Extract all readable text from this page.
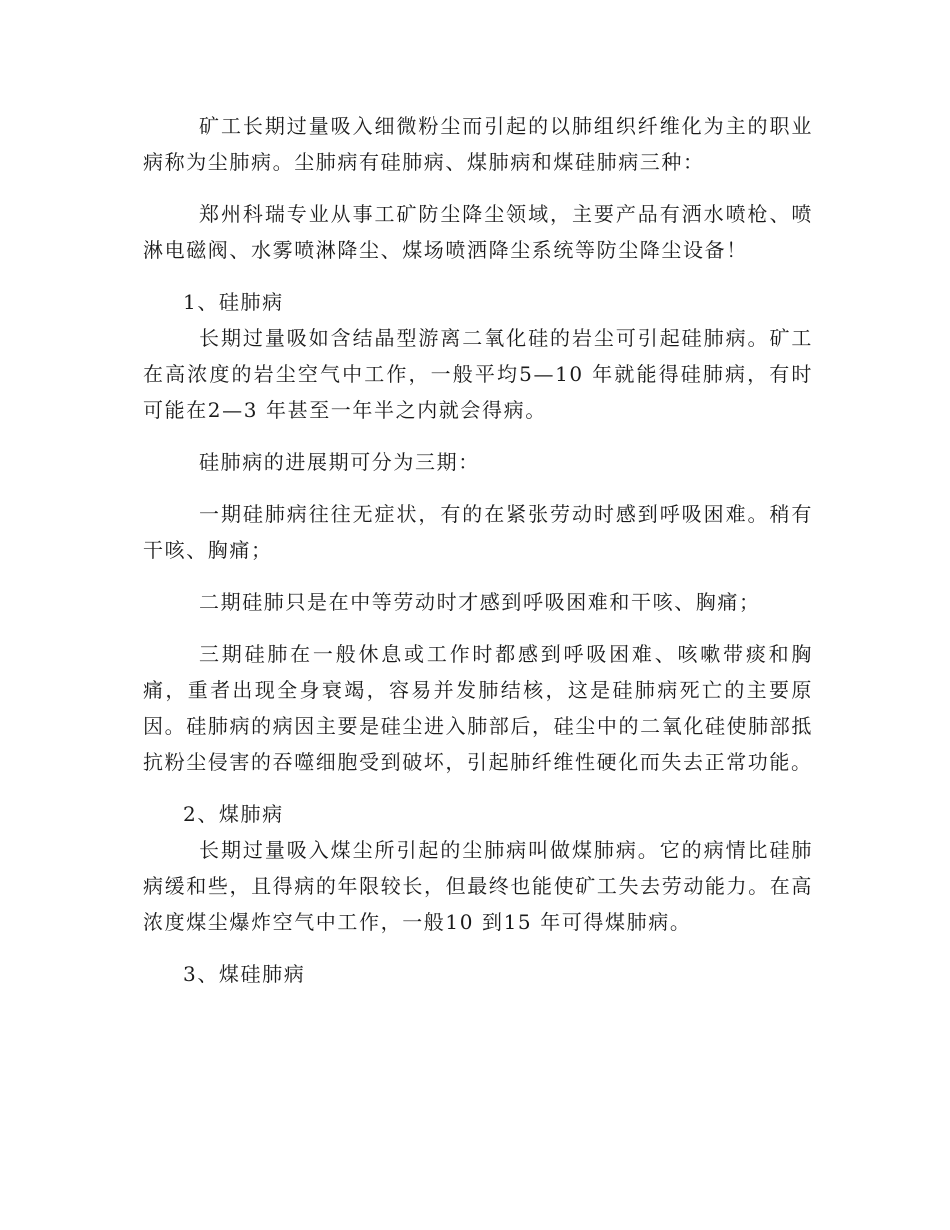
矿工长期过量吸入细微粉尘而引起的以肺组织纤维化为主的职业病称为尘肺病。尘肺病有硅肺病、煤肺病和煤硅肺病三种：

郑州科瑞专业从事工矿防尘降尘领域，主要产品有洒水喷枪、喷淋电磁阀、水雾喷淋降尘、煤场喷洒降尘系统等防尘降尘设备！

1、硅肺病

长期过量吸如含结晶型游离二氧化硅的岩尘可引起硅肺病。矿工在高浓度的岩尘空气中工作，一般平均5—10 年就能得硅肺病，有时可能在2—3 年甚至一年半之内就会得病。

硅肺病的进展期可分为三期：

一期硅肺病往往无症状，有的在紧张劳动时感到呼吸困难。稍有干咳、胸痛；

二期硅肺只是在中等劳动时才感到呼吸困难和干咳、胸痛；

三期硅肺在一般休息或工作时都感到呼吸困难、咳嗽带痰和胸痛，重者出现全身衰竭，容易并发肺结核，这是硅肺病死亡的主要原因。硅肺病的病因主要是硅尘进入肺部后，硅尘中的二氧化硅使肺部抵抗粉尘侵害的吞噬细胞受到破坏，引起肺纤维性硬化而失去正常功能。

2、煤肺病

长期过量吸入煤尘所引起的尘肺病叫做煤肺病。它的病情比硅肺病缓和些，且得病的年限较长，但最终也能使矿工失去劳动能力。在高浓度煤尘爆炸空气中工作，一般10 到15 年可得煤肺病。

3、煤硅肺病
